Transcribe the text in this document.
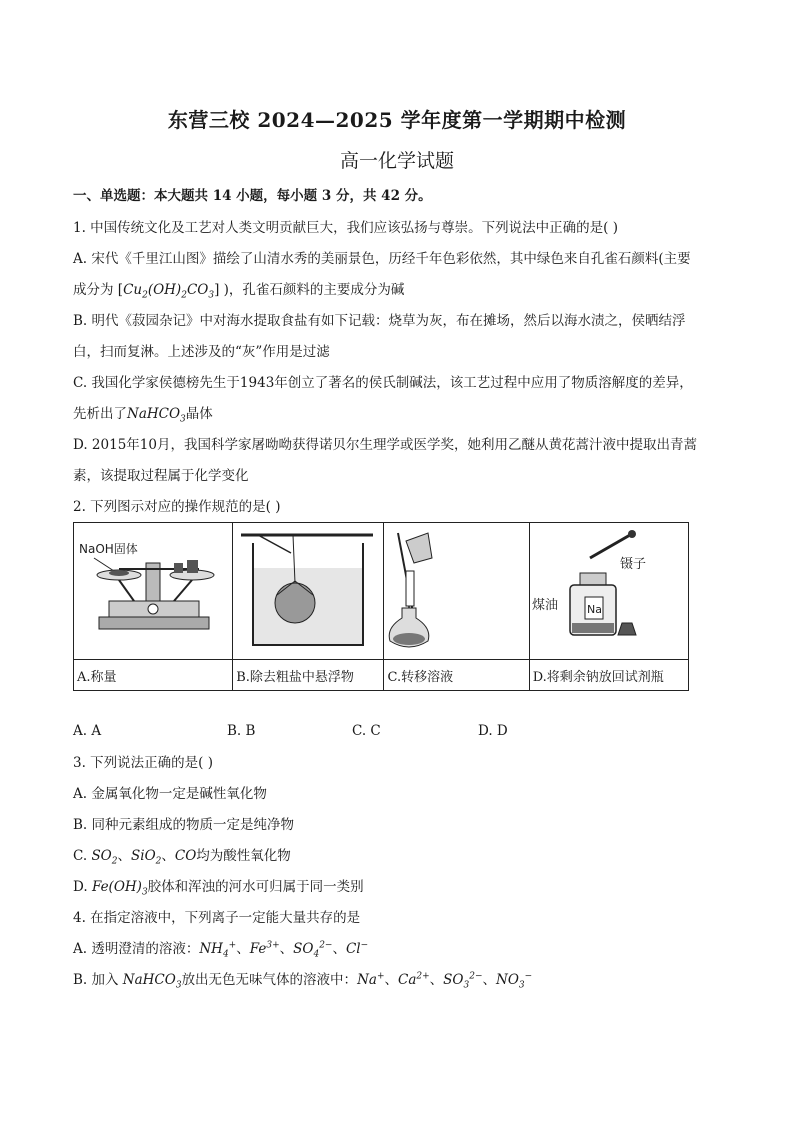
东营三校 2024—2025 学年度第一学期期中检测
高一化学试题
一、单选题：本大题共 14 小题，每小题 3 分，共 42 分。
1. 中国传统文化及工艺对人类文明贡献巨大，我们应该弘扬与尊崇。下列说法中正确的是( )
A. 宋代《千里江山图》描绘了山清水秀的美丽景色，历经千年色彩依然，其中绿色来自孔雀石颜料(主要
成分为 $[Cu_2(OH)_2CO_3]$ )，孔雀石颜料的主要成分为碱
B. 明代《菽园杂记》中对海水提取食盐有如下记载：烧草为灰，布在摊场，然后以海水渍之，侯晒结浮
白，扫而复淋。上述涉及的“灰”作用是过滤
C. 我国化学家侯德榜先生于1943年创立了著名的侯氏制碱法，该工艺过程中应用了物质溶解度的差异，
先析出了NaHCO$_3$晶体
D. 2015年10月，我国科学家屠呦呦获得诺贝尔生理学或医学奖，她利用乙醚从黄花蒿汁液中提取出青蒿
素，该提取过程属于化学变化
2. 下列图示对应的操作规范的是( )
NaOH固体			镊子
Na
煤油

A.称量	B.除去粗盐中悬浮物	C.转移溶液	D.将剩余钠放回试剂瓶
A. A	B. B	C. C	D. D
3. 下列说法正确的是( )
A. 金属氧化物一定是碱性氧化物
B. 同种元素组成的物质一定是纯净物
C. $SO_2$、SiO$_2$、CO均为酸性氧化物
D. $Fe(OH)_3$胶体和浑浊的河水可归属于同一类别
4. 在指定溶液中，下列离子一定能大量共存的是
A. 透明澄清的溶液：$NH_4^+$、$Fe^{3+}$、$SO_4^{2-}$、Cl−
B. 加入 NaHCO$_3$放出无色无味气体的溶液中：Na+、$Ca^{2+}$、$SO_3^{2-}$、$NO_3^-$
